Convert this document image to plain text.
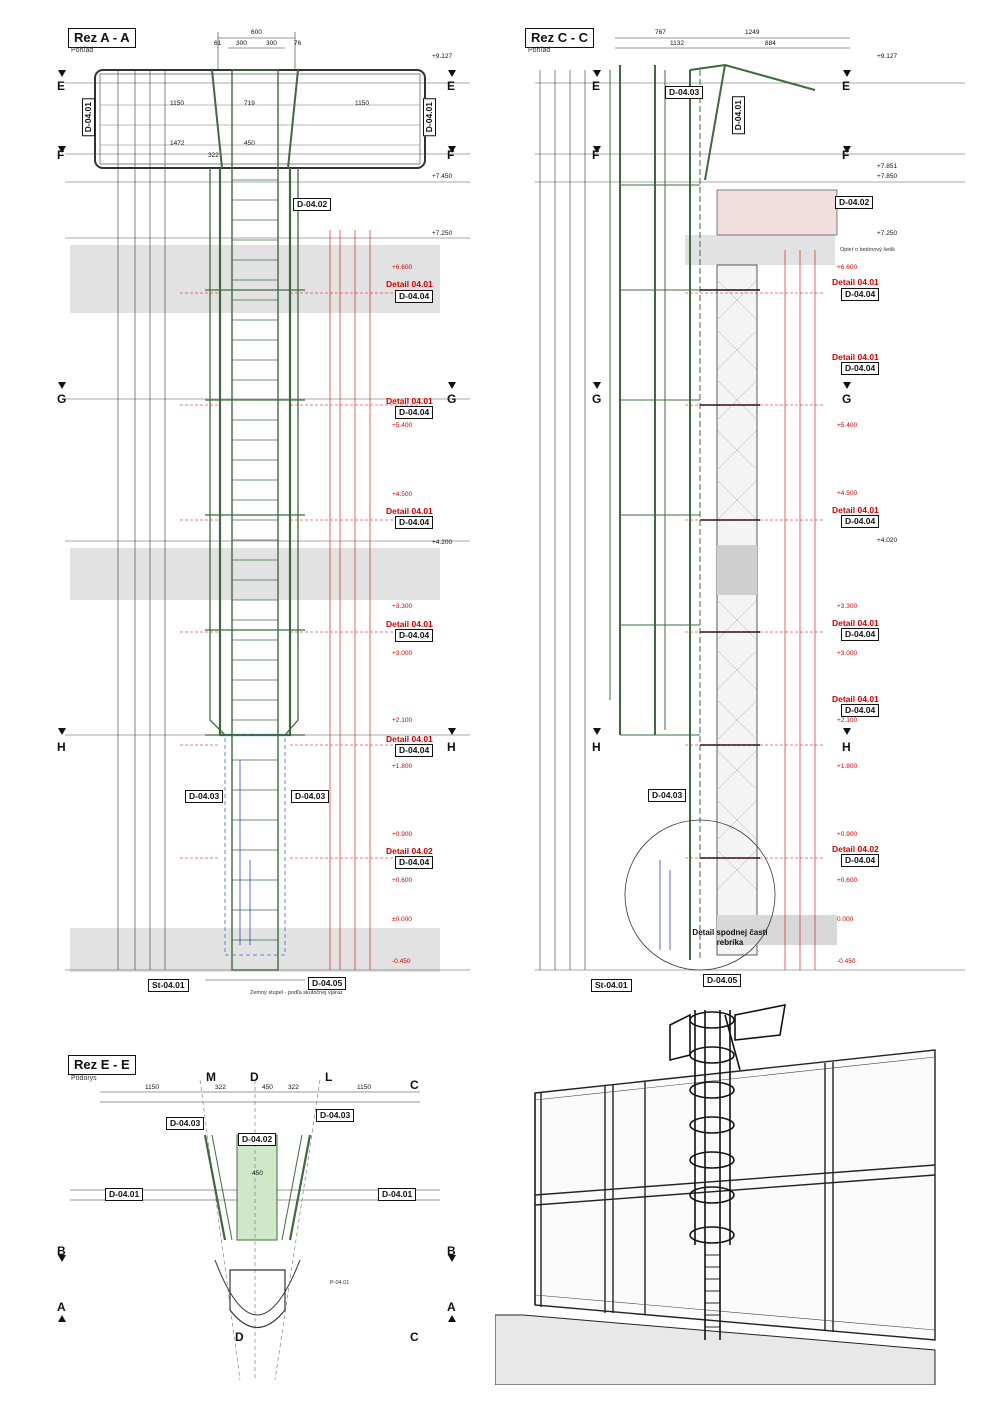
Rez A - A
Pohľad
E	E
F	F
G	G
H	H
D-04.01	D-04.01
D-04.02
D-04.03	D-04.03
D-04.05
St-04.01
Detail 04.01
D-04.04
Detail 04.01
D-04.04
Detail 04.01
D-04.04
Detail 04.01
D-04.04
Detail 04.01
D-04.04
Detail 04.02
D-04.04
+9.127
+7.450
+7.250
+6.600
+5.400
+4.500
+4.200
+3.300
+3.000
+2.100
+1.800
+0.900
+0.600
±0.000
-0.450
Zemný stupel - podľa skutočnej vjaraz
600
300	300
61	76
1150
1472
719
450
322
1150
Rez C - C
Pohľad
E	E
F	F
G	G
H	H
767	1249
1132	884
D-04.03
D-04.01
D-04.02
D-04.03
D-04.05
St-04.01
Detail 04.01
D-04.04
Detail 04.01
D-04.04
Detail 04.01
D-04.04
Detail 04.01
D-04.04
Detail 04.01
D-04.04
Detail 04.02
D-04.04
+9.127
+7.851
+7.850
+7.250
+6.600
+5.400
+4.500
+4.020
+3.300
+3.000
+2.100
+1.800
+0.900
+0.600
0.000
-0.450
Opieŕ o betónový šetík
Detail spodnej časti rebríka
Rez E - E
Pôdorys	M	D	L
C
B	B
A	A
D	C
D-04.01	D-04.01
D-04.02
D-04.03
D-04.03
P-04.01
1150	322	450 322	1150
450
